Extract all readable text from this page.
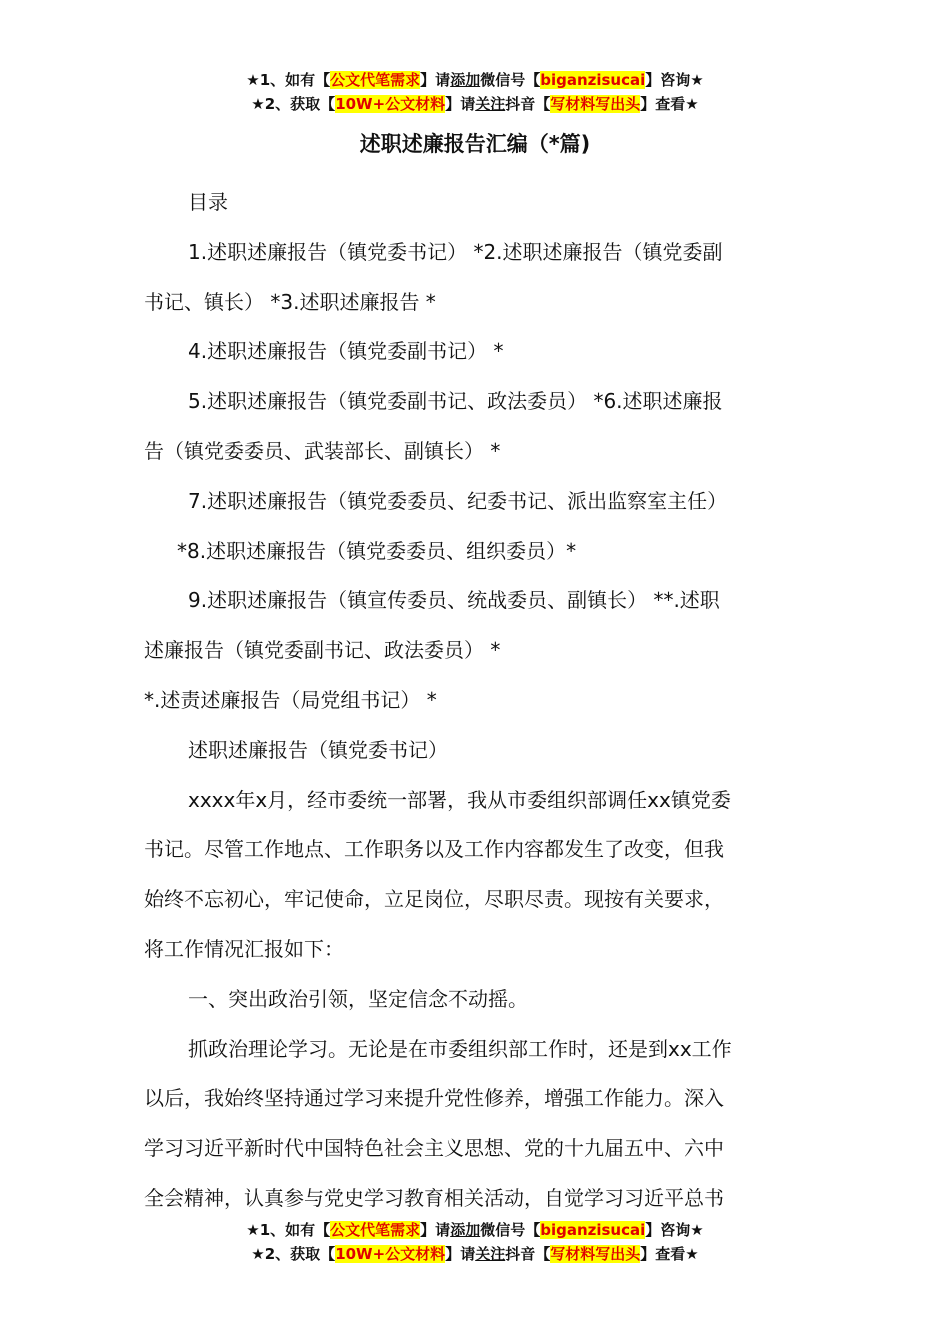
★1、如有【公文代笔需求】请添加微信号【biganzisucai】咨询★
★2、获取【10W+公文材料】请关注抖音【写材料写出头】查看★
述职述廉报告汇编（*篇)

目录

1.述职述廉报告（镇党委书记） *2.述职述廉报告（镇党委副

书记、镇长） *3.述职述廉报告 *

4.述职述廉报告（镇党委副书记） *

5.述职述廉报告（镇党委副书记、政法委员） *6.述职述廉报

告（镇党委委员、武装部长、副镇长） *

7.述职述廉报告（镇党委委员、纪委书记、派出监察室主任）

*8.述职述廉报告（镇党委委员、组织委员）*

9.述职述廉报告（镇宣传委员、统战委员、副镇长） **.述职

述廉报告（镇党委副书记、政法委员） *

*.述责述廉报告（局党组书记） *

述职述廉报告（镇党委书记）

xxxx年x月，经市委统一部署，我从市委组织部调任xx镇党委

书记。尽管工作地点、工作职务以及工作内容都发生了改变，但我

始终不忘初心，牢记使命，立足岗位，尽职尽责。现按有关要求，

将工作情况汇报如下：

一、突出政治引领，坚定信念不动摇。

抓政治理论学习。无论是在市委组织部工作时，还是到xx工作

以后，我始终坚持通过学习来提升党性修养，增强工作能力。深入

学习习近平新时代中国特色社会主义思想、党的十九届五中、六中

全会精神，认真参与党史学习教育相关活动，自觉学习习近平总书

★1、如有【公文代笔需求】请添加微信号【biganzisucai】咨询★
★2、获取【10W+公文材料】请关注抖音【写材料写出头】查看★
